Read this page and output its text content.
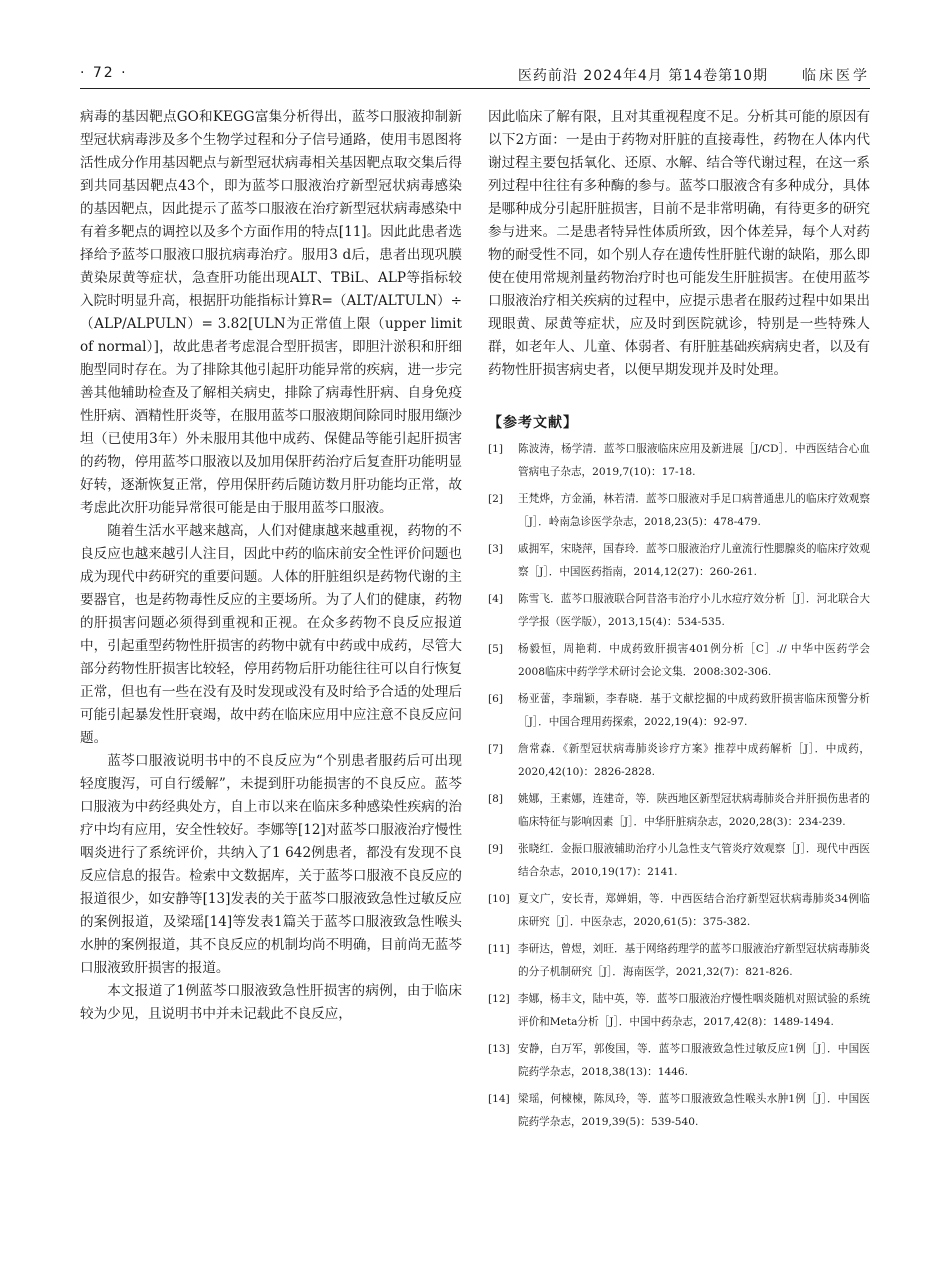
· 72 ·	医药前沿 2024年4月 第14卷第10期 临床医学

病毒的基因靶点GO和KEGG富集分析得出，蓝芩口服液抑制新型冠状病毒涉及多个生物学过程和分子信号通路，使用韦恩图将活性成分作用基因靶点与新型冠状病毒相关基因靶点取交集后得到共同基因靶点43个，即为蓝芩口服液治疗新型冠状病毒感染的基因靶点，因此提示了蓝芩口服液在治疗新型冠状病毒感染中有着多靶点的调控以及多个方面作用的特点[11]。因此此患者选择给予蓝芩口服液口服抗病毒治疗。服用3 d后，患者出现巩膜黄染尿黄等症状，急查肝功能出现ALT、TBiL、ALP等指标较入院时明显升高，根据肝功能指标计算R=（ALT/ALTULN）÷（ALP/ALPULN）= 3.82[ULN为正常值上限（upper limit of normal）]，故此患者考虑混合型肝损害，即胆汁淤积和肝细胞型同时存在。为了排除其他引起肝功能异常的疾病，进一步完善其他辅助检查及了解相关病史，排除了病毒性肝病、自身免疫性肝病、酒精性肝炎等，在服用蓝芩口服液期间除同时服用缬沙坦（已使用3年）外未服用其他中成药、保健品等能引起肝损害的药物，停用蓝芩口服液以及加用保肝药治疗后复查肝功能明显好转，逐渐恢复正常，停用保肝药后随访数月肝功能均正常，故考虑此次肝功能异常很可能是由于服用蓝芩口服液。

随着生活水平越来越高，人们对健康越来越重视，药物的不良反应也越来越引人注目，因此中药的临床前安全性评价问题也成为现代中药研究的重要问题。人体的肝脏组织是药物代谢的主要器官，也是药物毒性反应的主要场所。为了人们的健康，药物的肝损害问题必须得到重视和正视。在众多药物不良反应报道中，引起重型药物性肝损害的药物中就有中药或中成药，尽管大部分药物性肝损害比较轻，停用药物后肝功能往往可以自行恢复正常，但也有一些在没有及时发现或没有及时给予合适的处理后可能引起暴发性肝衰竭，故中药在临床应用中应注意不良反应问题。

蓝芩口服液说明书中的不良反应为“个别患者服药后可出现轻度腹泻，可自行缓解”，未提到肝功能损害的不良反应。蓝芩口服液为中药经典处方，自上市以来在临床多种感染性疾病的治疗中均有应用，安全性较好。李娜等[12]对蓝芩口服液治疗慢性咽炎进行了系统评价，共纳入了1 642例患者，都没有发现不良反应信息的报告。检索中文数据库，关于蓝芩口服液不良反应的报道很少，如安静等[13]发表的关于蓝芩口服液致急性过敏反应的案例报道，及梁瑶[14]等发表1篇关于蓝芩口服液致急性喉头水肿的案例报道，其不良反应的机制均尚不明确，目前尚无蓝芩口服液致肝损害的报道。

本文报道了1例蓝芩口服液致急性肝损害的病例，由于临床较为少见，且说明书中并未记载此不良反应，

因此临床了解有限，且对其重视程度不足。分析其可能的原因有以下2方面：一是由于药物对肝脏的直接毒性，药物在人体内代谢过程主要包括氧化、还原、水解、结合等代谢过程，在这一系列过程中往往有多种酶的参与。蓝芩口服液含有多种成分，具体是哪种成分引起肝脏损害，目前不是非常明确，有待更多的研究参与进来。二是患者特异性体质所致，因个体差异，每个人对药物的耐受性不同，如个别人存在遗传性肝脏代谢的缺陷，那么即使在使用常规剂量药物治疗时也可能发生肝脏损害。在使用蓝芩口服液治疗相关疾病的过程中，应提示患者在服药过程中如果出现眼黄、尿黄等症状，应及时到医院就诊，特别是一些特殊人群，如老年人、儿童、体弱者、有肝脏基础疾病病史者，以及有药物性肝损害病史者，以便早期发现并及时处理。

【参考文献】
[1]	陈波涛，杨学清．蓝芩口服液临床应用及新进展［J/CD］．中西医结合心血管病电子杂志，2019,7(10)：17-18.
[2]	王梵烨，方金涌，林若清．蓝芩口服液对手足口病普通患儿的临床疗效观察［J］．岭南急诊医学杂志，2018,23(5)：478-479.
[3]	戚拥军，宋晓萍，国春玲．蓝芩口服液治疗儿童流行性腮腺炎的临床疗效观察［J］．中国医药指南，2014,12(27)：260-261.
[4]	陈雪飞．蓝芩口服液联合阿昔洛韦治疗小儿水痘疗效分析［J］．河北联合大学学报（医学版），2013,15(4)：534-535.
[5]	杨毅恒，周艳莉．中成药致肝损害401例分析［C］.// 中华中医药学会2008临床中药学学术研讨会论文集．2008:302-306.
[6]	杨亚蕾，李瑞颖，李春晓．基于文献挖掘的中成药致肝损害临床预警分析［J］．中国合理用药探索，2022,19(4)：92-97.
[7]	詹常森．《新型冠状病毒肺炎诊疗方案》推荐中成药解析［J］．中成药，2020,42(10)：2826-2828.
[8]	姚娜，王素娜，连建奇，等．陕西地区新型冠状病毒肺炎合并肝损伤患者的临床特征与影响因素［J］．中华肝脏病杂志，2020,28(3)：234-239.
[9]	张晓红．金振口服液辅助治疗小儿急性支气管炎疗效观察［J］．现代中西医结合杂志，2010,19(17)：2141.
[10] 夏文广，安长青，郑婵娟，等．中西医结合治疗新型冠状病毒肺炎34例临床研究［J］．中医杂志，2020,61(5)：375-382.
[11] 李研达，曾煜，刘旺．基于网络药理学的蓝芩口服液治疗新型冠状病毒肺炎的分子机制研究［J］．海南医学，2021,32(7)：821-826.
[12] 李娜，杨丰文，陆中英，等．蓝芩口服液治疗慢性咽炎随机对照试验的系统评价和Meta分析［J］．中国中药杂志，2017,42(8)：1489-1494.
[13] 安静，白万军，郭俊国，等．蓝芩口服液致急性过敏反应1例［J］．中国医院药学杂志，2018,38(13)：1446.
[14] 梁瑶，何楝楝，陈凤玲，等．蓝芩口服液致急性喉头水肿1例［J］．中国医院药学杂志，2019,39(5)：539-540.
